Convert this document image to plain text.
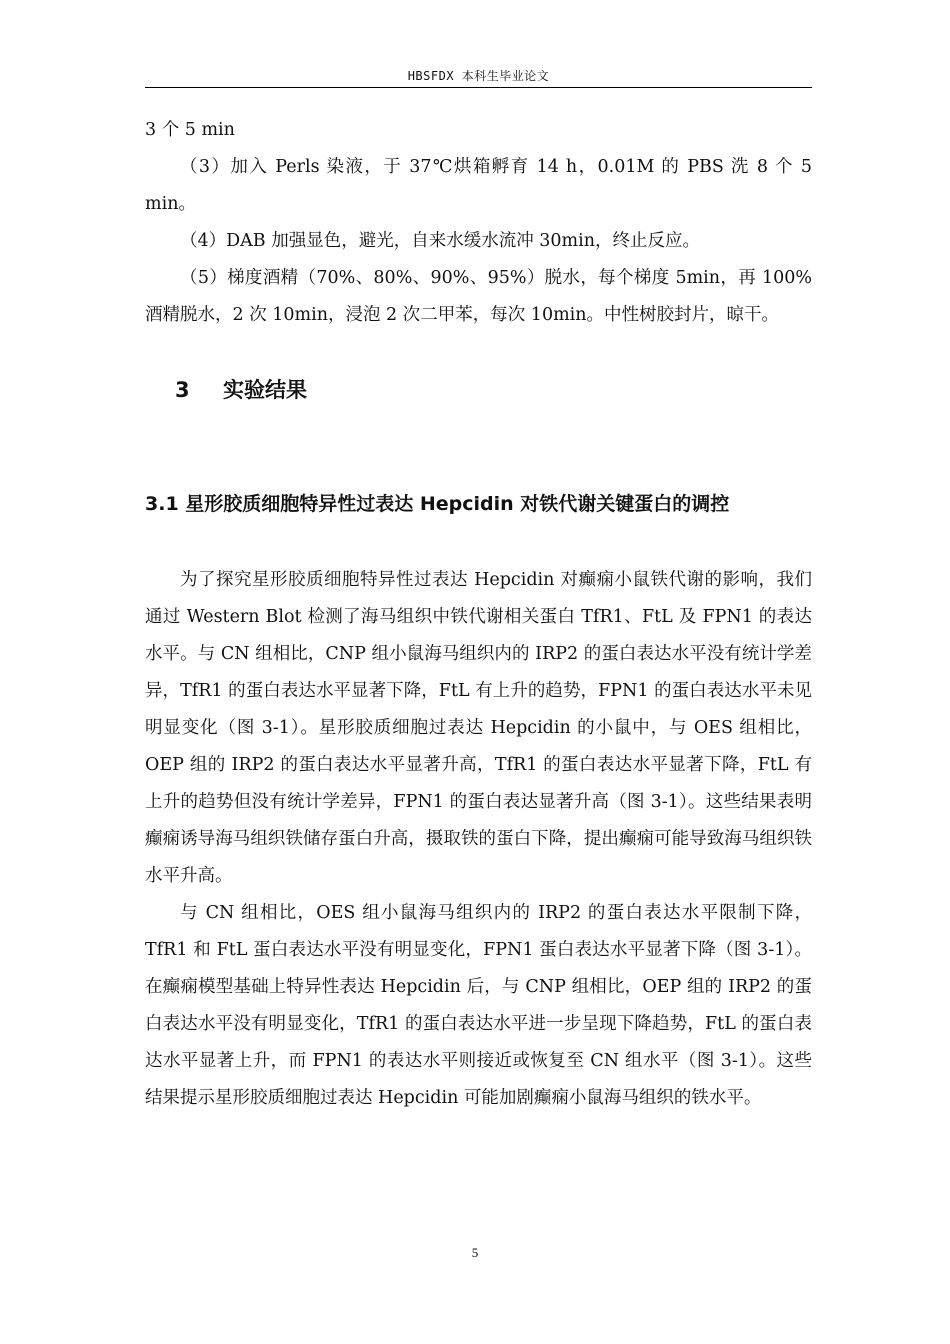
HBSFDX 本科生毕业论文

3 个 5 min

（3）加入 Perls 染液，于 37℃烘箱孵育 14 h，0.01M 的 PBS 洗 8 个 5 min。

（4）DAB 加强显色，避光，自来水缓水流冲 30min，终止反应。

（5）梯度酒精（70%、80%、90%、95%）脱水，每个梯度 5min，再 100%酒精脱水，2 次 10min，浸泡 2 次二甲苯，每次 10min。中性树胶封片，晾干。

3 实验结果
3.1 星形胶质细胞特异性过表达 Hepcidin 对铁代谢关键蛋白的调控

为了探究星形胶质细胞特异性过表达 Hepcidin 对癫痫小鼠铁代谢的影响，我们通过 Western Blot 检测了海马组织中铁代谢相关蛋白 TfR1、FtL 及 FPN1 的表达水平。与 CN 组相比，CNP 组小鼠海马组织内的 IRP2 的蛋白表达水平没有统计学差异，TfR1 的蛋白表达水平显著下降，FtL 有上升的趋势，FPN1 的蛋白表达水平未见明显变化（图 3-1）。星形胶质细胞过表达 Hepcidin 的小鼠中，与 OES 组相比，OEP 组的 IRP2 的蛋白表达水平显著升高，TfR1 的蛋白表达水平显著下降，FtL 有上升的趋势但没有统计学差异，FPN1 的蛋白表达显著升高（图 3-1）。这些结果表明癫痫诱导海马组织铁储存蛋白升高，摄取铁的蛋白下降，提出癫痫可能导致海马组织铁水平升高。

与 CN 组相比，OES 组小鼠海马组织内的 IRP2 的蛋白表达水平限制下降，TfR1 和 FtL 蛋白表达水平没有明显变化，FPN1 蛋白表达水平显著下降（图 3-1）。在癫痫模型基础上特异性表达 Hepcidin 后，与 CNP 组相比，OEP 组的 IRP2 的蛋白表达水平没有明显变化，TfR1 的蛋白表达水平进一步呈现下降趋势，FtL 的蛋白表达水平显著上升，而 FPN1 的表达水平则接近或恢复至 CN 组水平（图 3-1）。这些结果提示星形胶质细胞过表达 Hepcidin 可能加剧癫痫小鼠海马组织的铁水平。

5
